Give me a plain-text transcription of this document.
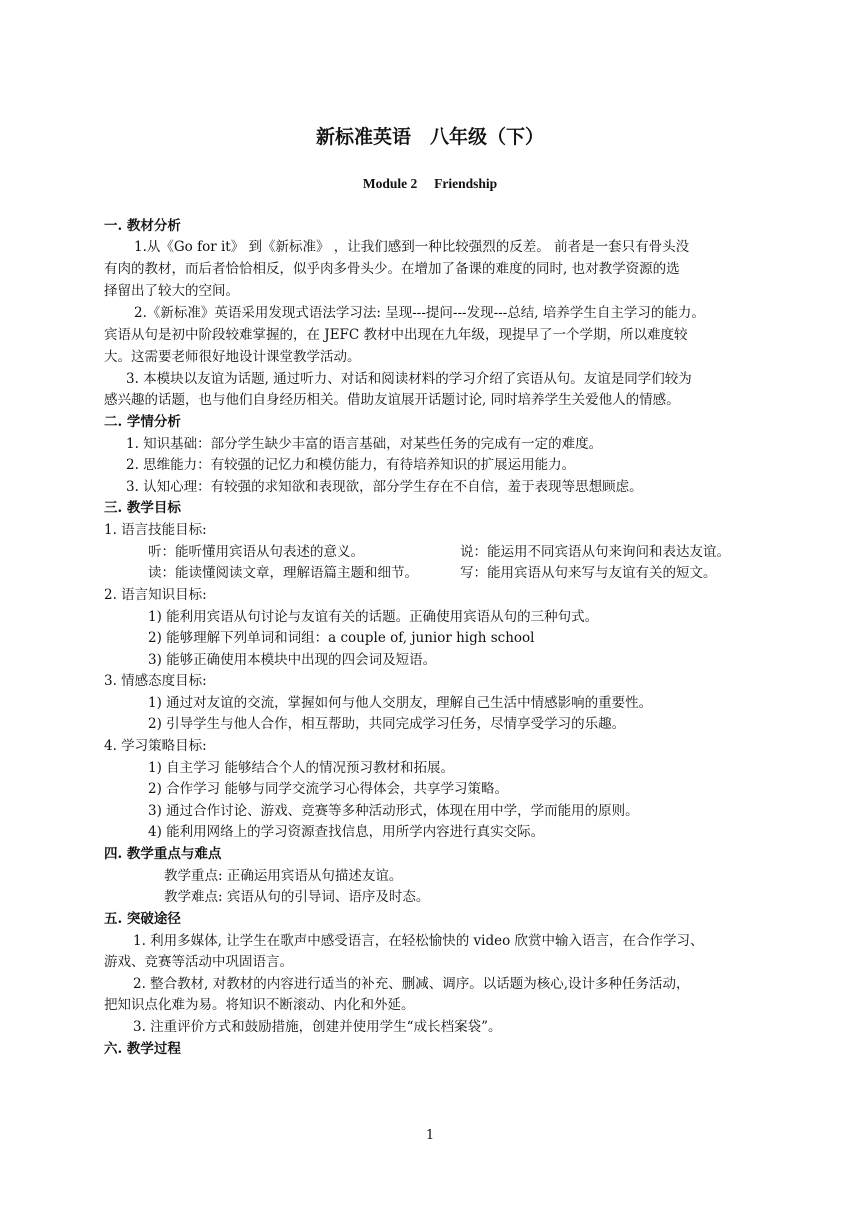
新标准英语　八年级（下）
Module 2　 Friendship
一. 教材分析
1.从《Go for it》 到《新标准》 ，让我们感到一种比较强烈的反差。 前者是一套只有骨头没
有肉的教材，而后者恰恰相反，似乎肉多骨头少。在增加了备课的难度的同时, 也对教学资源的选
择留出了较大的空间。
2.《新标准》英语采用发现式语法学习法: 呈现---提问---发现---总结, 培养学生自主学习的能力。
宾语从句是初中阶段较难掌握的，在 JEFC 教材中出现在九年级，现提早了一个学期，所以难度较
大。这需要老师很好地设计课堂教学活动。
3. 本模块以友谊为话题, 通过听力、对话和阅读材料的学习介绍了宾语从句。友谊是同学们较为
感兴趣的话题，也与他们自身经历相关。借助友谊展开话题讨论, 同时培养学生关爱他人的情感。
二. 学情分析
1. 知识基础：部分学生缺少丰富的语言基础，对某些任务的完成有一定的难度。
2. 思维能力：有较强的记忆力和模仿能力，有待培养知识的扩展运用能力。
3. 认知心理：有较强的求知欲和表现欲，部分学生存在不自信，羞于表现等思想顾虑。
三. 教学目标
1. 语言技能目标:
听：能听懂用宾语从句表述的意义。	说：能运用不同宾语从句来询问和表达友谊。
读：能读懂阅读文章，理解语篇主题和细节。	写：能用宾语从句来写与友谊有关的短文。
2. 语言知识目标:
1) 能利用宾语从句讨论与友谊有关的话题。正确使用宾语从句的三种句式。
2) 能够理解下列单词和词组：a couple of, junior high school
3) 能够正确使用本模块中出现的四会词及短语。
3. 情感态度目标:
1) 通过对友谊的交流，掌握如何与他人交朋友，理解自己生活中情感影响的重要性。
2) 引导学生与他人合作，相互帮助，共同完成学习任务，尽情享受学习的乐趣。
4. 学习策略目标:
1) 自主学习 能够结合个人的情况预习教材和拓展。
2) 合作学习 能够与同学交流学习心得体会，共享学习策略。
3) 通过合作讨论、游戏、竞赛等多种活动形式，体现在用中学，学而能用的原则。
4) 能利用网络上的学习资源查找信息，用所学内容进行真实交际。
四. 教学重点与难点
教学重点: 正确运用宾语从句描述友谊。
教学难点: 宾语从句的引导词、语序及时态。
五. 突破途径
1. 利用多媒体, 让学生在歌声中感受语言，在轻松愉快的 video 欣赏中输入语言，在合作学习、
游戏、竞赛等活动中巩固语言。
2. 整合教材, 对教材的内容进行适当的补充、删减、调序。以话题为核心,设计多种任务活动，
把知识点化难为易。将知识不断滚动、内化和外延。
3. 注重评价方式和鼓励措施，创建并使用学生“成长档案袋”。
六. 教学过程
1
